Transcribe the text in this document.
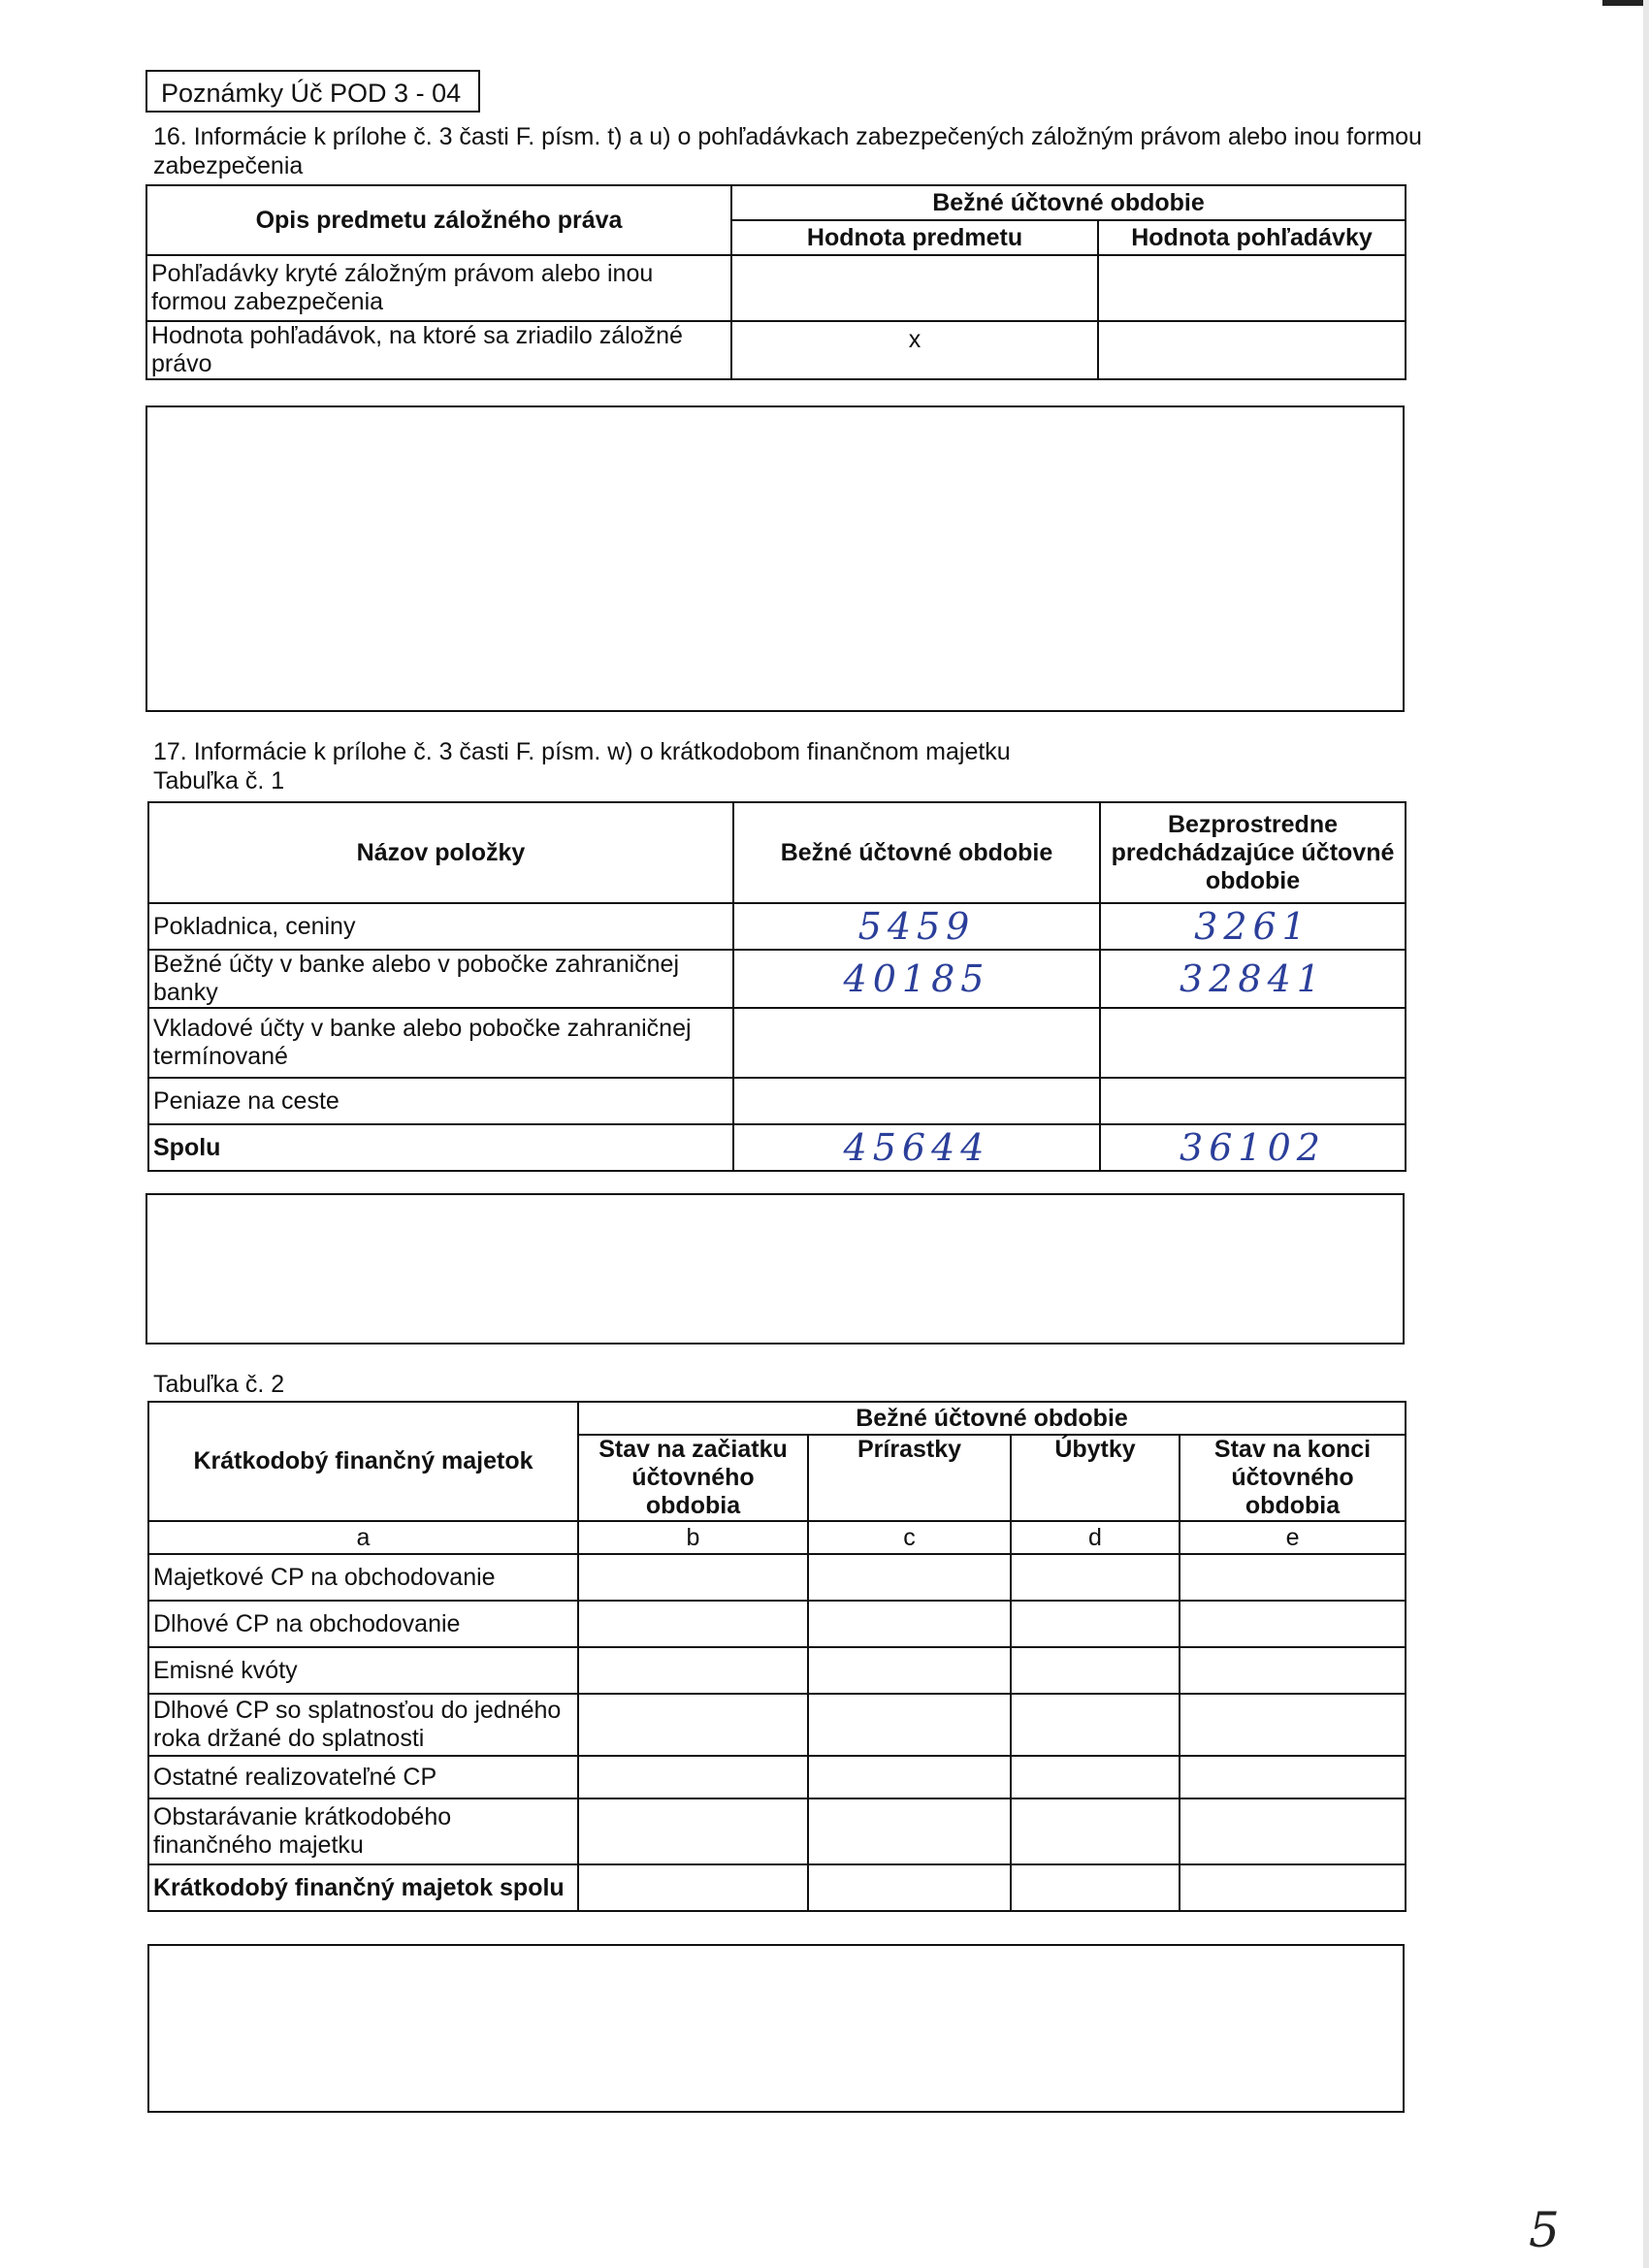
Poznámky Úč POD 3 - 04
16. Informácie k prílohe č. 3 časti F. písm. t) a u) o pohľadávkach zabezpečených záložným právom alebo inou formou
zabezpečenia
Opis predmetu záložného práva	Bežné účtovné obdobie	
	Hodnota predmetu	Hodnota pohľadávky
Pohľadávky kryté záložným právom alebo inou formou zabezpečenia		
Hodnota pohľadávok, na ktoré sa zriadilo záložné právo	x	
17. Informácie k prílohe č. 3 časti F. písm. w) o krátkodobom finančnom majetku
Tabuľka č. 1
Názov položky	Bežné účtovné obdobie	Bezprostredne predchádzajúce účtovné obdobie
Pokladnica, ceniny	5459	3261
Bežné účty v banke alebo v pobočke zahraničnej banky	40185	32841
Vkladové účty v banke alebo pobočke zahraničnej termínované		
Peniaze na ceste		
Spolu	45644	36102
Tabuľka č. 2
Krátkodobý finančný majetok	Bežné účtovné obdobie			
	Stav na začiatku účtovného obdobia	Prírastky	Úbytky	Stav na konci účtovného obdobia
a	b	c	d	e
Majetkové CP na obchodovanie				
Dlhové CP na obchodovanie				
Emisné kvóty				
Dlhové CP so splatnosťou do jedného roka držané do splatnosti				
Ostatné realizovateľné CP				
Obstarávanie krátkodobého finančného majetku				
Krátkodobý finančný majetok spolu				
5
